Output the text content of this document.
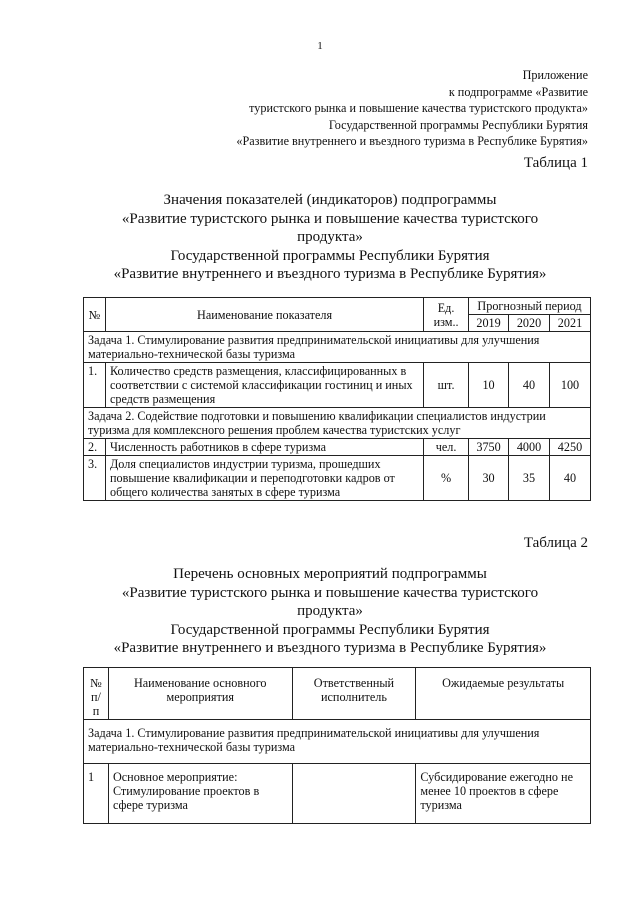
1
Приложение
к подпрограмме «Развитие
туристского рынка и повышение качества туристского продукта»
Государственной программы Республики Бурятия
«Развитие внутреннего и въездного туризма в Республике Бурятия»
Таблица 1
Значения показателей (индикаторов) подпрограммы
«Развитие туристского рынка и повышение качества туристского
продукта»
Государственной программы Республики Бурятия
«Развитие внутреннего и въездного туризма в Республике Бурятия»
№	Наименование показателя	Ед. изм..	Прогнозный период		
			2019	2020	2021
Задача 1. Стимулирование развития предпринимательской инициативы для улучшения материально-технической базы туризма					
1.	Количество средств размещения, классифицированных в соответствии с системой классификации гостиниц и иных средств размещения	шт.	10	40	100
Задача 2. Содействие подготовки и повышению квалификации специалистов индустрии туризма для комплексного решения проблем качества туристских услуг					
2.	Численность работников в сфере туризма	чел.	3750	4000	4250
3.	Доля специалистов индустрии туризма, прошедших повышение квалификации и переподготовки кадров от общего количества занятых в сфере туризма	%	30	35	40
Таблица 2
Перечень основных мероприятий подпрограммы
«Развитие туристского рынка и повышение качества туристского
продукта»
Государственной программы Республики Бурятия
«Развитие внутреннего и въездного туризма в Республике Бурятия»
№ п/п	Наименование основного мероприятия	Ответственный исполнитель	Ожидаемые результаты
Задача 1. Стимулирование развития предпринимательской инициативы для улучшения материально-технической базы туризма			
1	Основное мероприятие: Стимулирование проектов в сфере туризма		Субсидирование ежегодно не менее 10 проектов в сфере туризма
